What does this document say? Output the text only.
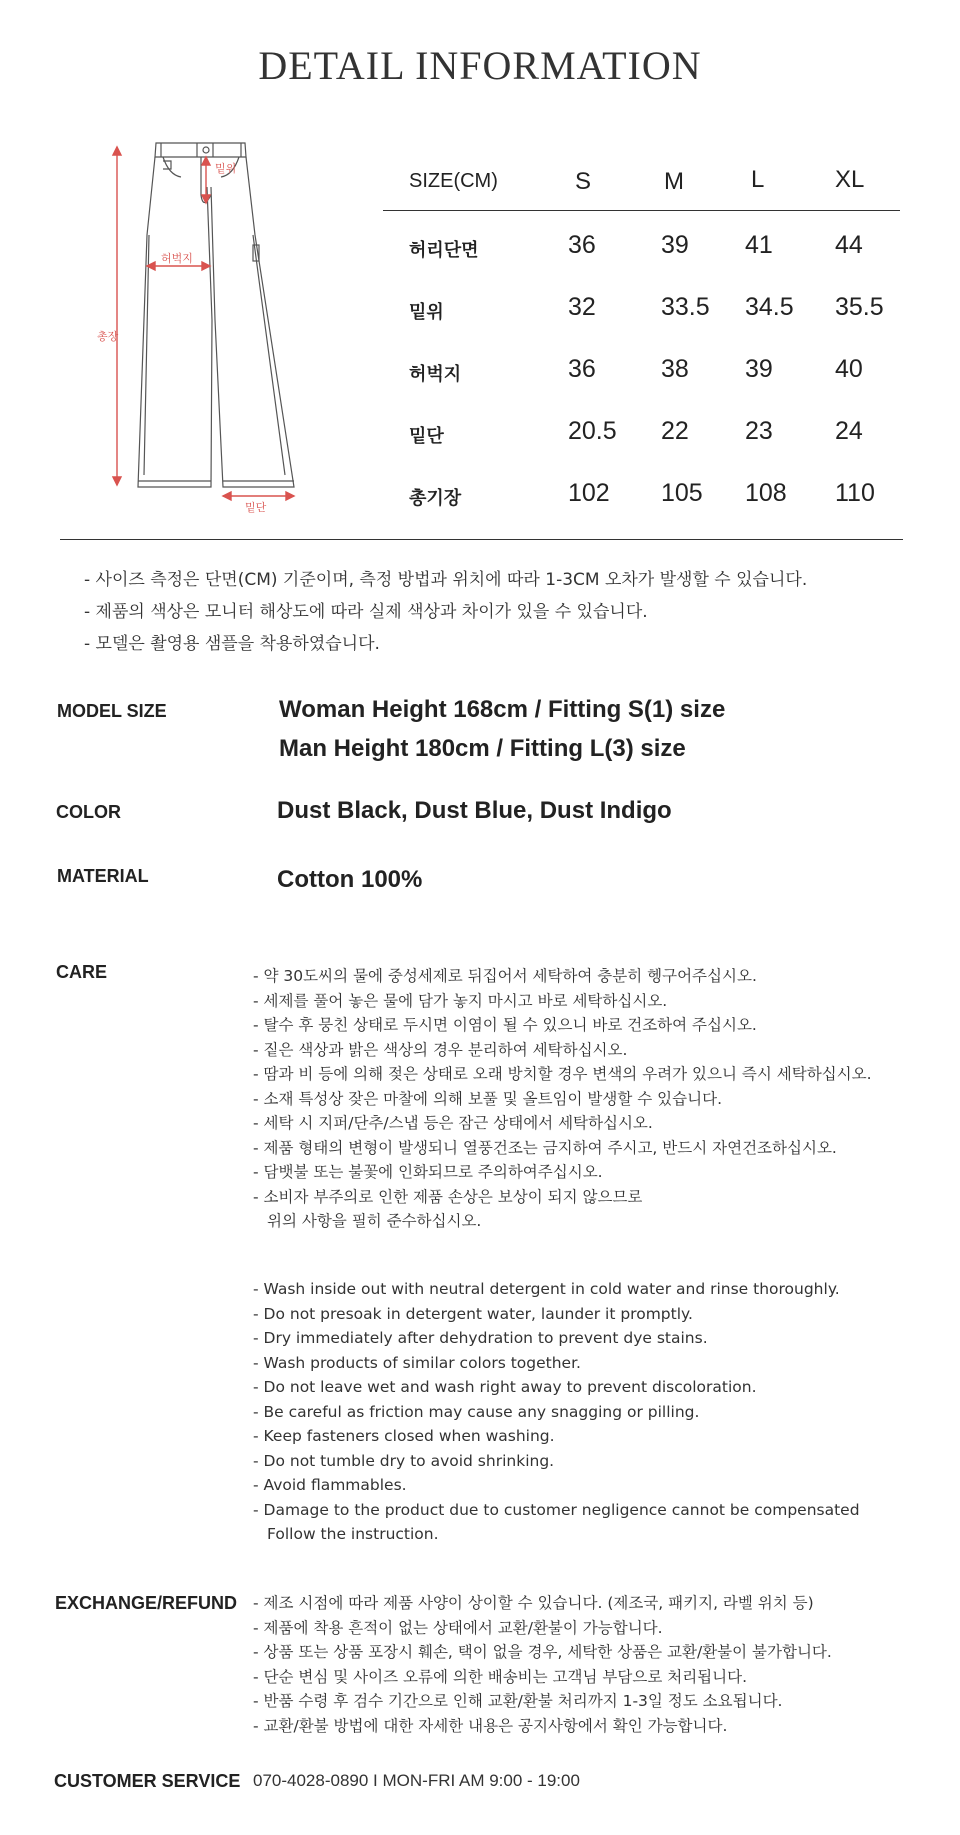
DETAIL INFORMATION
밑위
허벅지
총장
밑단
SIZE(CM)	S	M	L	XL
허리단면	36	39 41 44
밑위	32	33.5 34.5 35.5
허벅지	36	38 39 40
밑단	20.5 22 23 24
총기장	102 105 108 110
- 사이즈 측정은 단면(CM) 기준이며, 측정 방법과 위치에 따라 1-3CM 오차가 발생할 수 있습니다.
- 제품의 색상은 모니터 해상도에 따라 실제 색상과 차이가 있을 수 있습니다.
- 모델은 촬영용 샘플을 착용하였습니다.
MODEL SIZE	Woman Height 168cm / Fitting S(1) size
Man Height 180cm / Fitting L(3) size
COLOR	Dust Black, Dust Blue, Dust Indigo
MATERIAL	Cotton 100%
CARE	- 약 30도씨의 물에 중성세제로 뒤집어서 세탁하여 충분히 헹구어주십시오.
- 세제를 풀어 놓은 물에 담가 놓지 마시고 바로 세탁하십시오.
- 탈수 후 뭉친 상태로 두시면 이염이 될 수 있으니 바로 건조하여 주십시오.
- 짙은 색상과 밝은 색상의 경우 분리하여 세탁하십시오.
- 땀과 비 등에 의해 젖은 상태로 오래 방치할 경우 변색의 우려가 있으니 즉시 세탁하십시오.
- 소재 특성상 잦은 마찰에 의해 보풀 및 올트임이 발생할 수 있습니다.
- 세탁 시 지퍼/단추/스냅 등은 잠근 상태에서 세탁하십시오.
- 제품 형태의 변형이 발생되니 열풍건조는 금지하여 주시고, 반드시 자연건조하십시오.
- 담뱃불 또는 불꽃에 인화되므로 주의하여주십시오.
- 소비자 부주의로 인한 제품 손상은 보상이 되지 않으므로
위의 사항을 필히 준수하십시오.
- Wash inside out with neutral detergent in cold water and rinse thoroughly.
- Do not presoak in detergent water, launder it promptly.
- Dry immediately after dehydration to prevent dye stains.
- Wash products of similar colors together.
- Do not leave wet and wash right away to prevent discoloration.
- Be careful as friction may cause any snagging or pilling.
- Keep fasteners closed when washing.
- Do not tumble dry to avoid shrinking.
- Avoid flammables.
- Damage to the product due to customer negligence cannot be compensated
Follow the instruction.
EXCHANGE/REFUND - 제조 시점에 따라 제품 사양이 상이할 수 있습니다. (제조국, 패키지, 라벨 위치 등)
- 제품에 착용 흔적이 없는 상태에서 교환/환불이 가능합니다.
- 상품 또는 상품 포장시 훼손, 택이 없을 경우, 세탁한 상품은 교환/환불이 불가합니다.
- 단순 변심 및 사이즈 오류에 의한 배송비는 고객님 부담으로 처리됩니다.
- 반품 수령 후 검수 기간으로 인해 교환/환불 처리까지 1-3일 정도 소요됩니다.
- 교환/환불 방법에 대한 자세한 내용은 공지사항에서 확인 가능합니다.
CUSTOMER SERVICE 070-4028-0890 I MON-FRI AM 9:00 - 19:00
